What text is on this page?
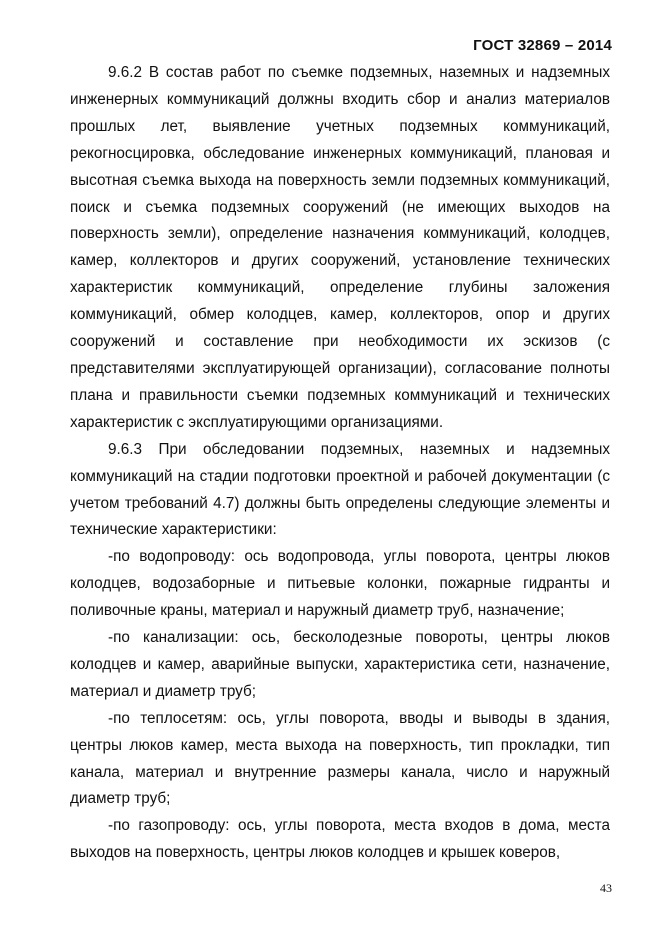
ГОСТ 32869 – 2014

9.6.2 В состав работ по съемке подземных, наземных и надземных инженерных коммуникаций должны входить сбор и анализ материалов прошлых лет, выявление учетных подземных коммуникаций, рекогносцировка, обследование инженерных коммуникаций, плановая и высотная съемка выхода на поверхность земли подземных коммуникаций, поиск и съемка подземных сооружений (не имеющих выходов на поверхность земли), определение назначения коммуникаций, колодцев, камер, коллекторов и других сооружений, установление технических характеристик коммуникаций, определение глубины заложения коммуникаций, обмер колодцев, камер, коллекторов, опор и других сооружений и составление при необходимости их эскизов (с представителями эксплуатирующей организации), согласование полноты плана и правильности съемки подземных коммуникаций и технических характеристик с эксплуатирующими организациями.

9.6.3 При обследовании подземных, наземных и надземных коммуникаций на стадии подготовки проектной и рабочей документации (с учетом требований 4.7) должны быть определены следующие элементы и технические характеристики:

-по водопроводу: ось водопровода, углы поворота, центры люков колодцев, водозаборные и питьевые колонки, пожарные гидранты и поливочные краны, материал и наружный диаметр труб, назначение;

-по канализации: ось, бесколодезные повороты, центры люков колодцев и камер, аварийные выпуски, характеристика сети, назначение, материал и диаметр труб;

-по теплосетям: ось, углы поворота, вводы и выводы в здания, центры люков камер, места выхода на поверхность, тип прокладки, тип канала, материал и внутренние размеры канала, число и наружный диаметр труб;

-по газопроводу: ось, углы поворота, места входов в дома, места выходов на поверхность, центры люков колодцев и крышек коверов,

43
